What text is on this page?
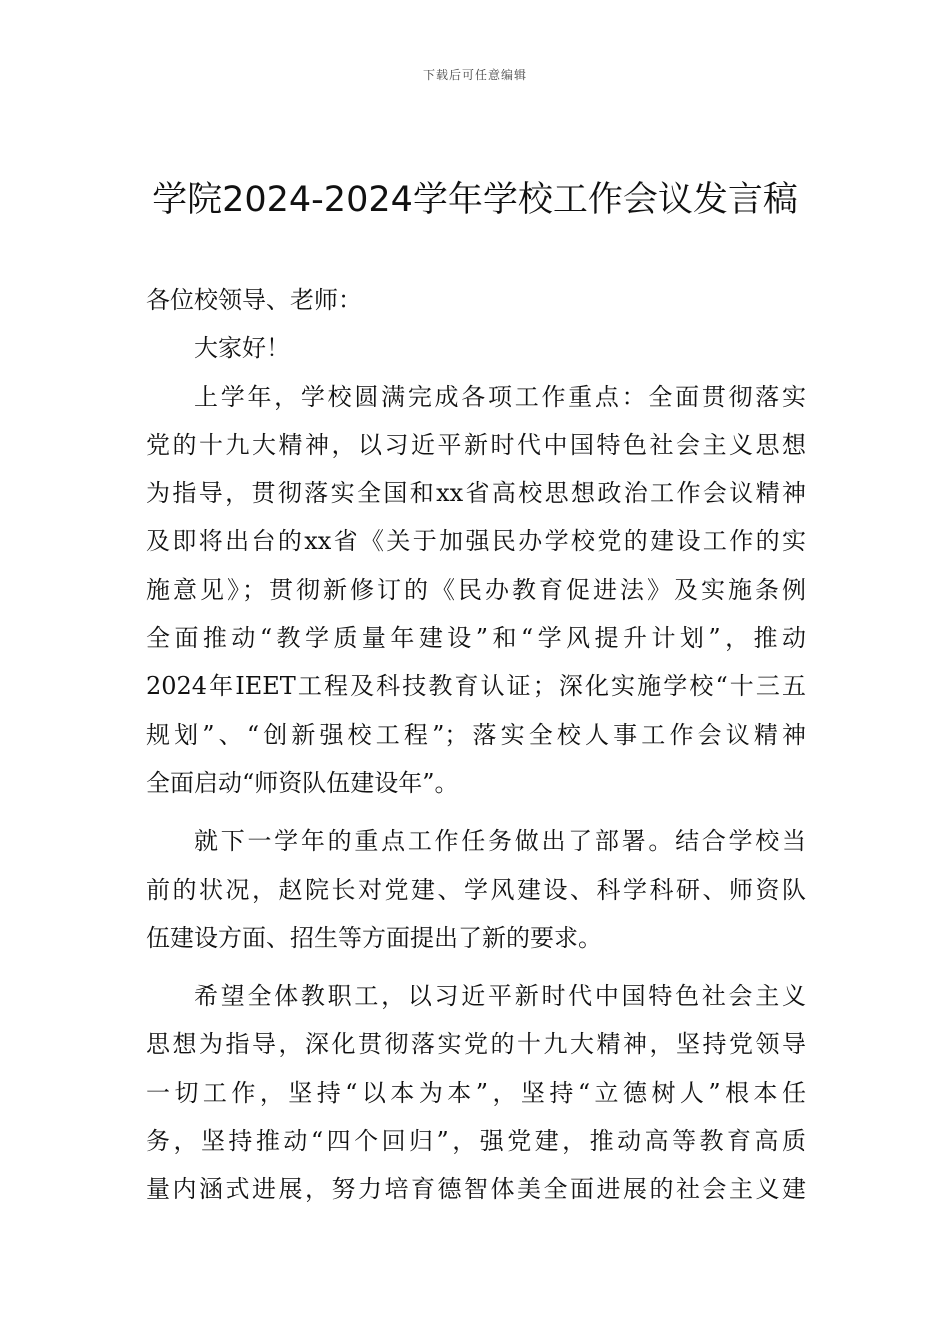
下载后可任意编辑
学院2024-2024学年学校工作会议发言稿
各位校领导、老师：
大家好！
上学年，学校圆满完成各项工作重点：全面贯彻落实
党的十九大精神，以习近平新时代中国特色社会主义思想
为指导，贯彻落实全国和xx省高校思想政治工作会议精神
及即将出台的xx省《关于加强民办学校党的建设工作的实
施意见》；贯彻新修订的《民办教育促进法》及实施条例
全面推动“教学质量年建设”和“学风提升计划”，推动
2024年IEET工程及科技教育认证；深化实施学校“十三五
规划”、“创新强校工程”；落实全校人事工作会议精神
全面启动“师资队伍建设年”。
就下一学年的重点工作任务做出了部署。结合学校当
前的状况，赵院长对党建、学风建设、科学科研、师资队
伍建设方面、招生等方面提出了新的要求。
希望全体教职工，以习近平新时代中国特色社会主义
思想为指导，深化贯彻落实党的十九大精神，坚持党领导
一切工作，坚持“以本为本”，坚持“立德树人”根本任
务，坚持推动“四个回归”，强党建，推动高等教育高质
量内涵式进展，努力培育德智体美全面进展的社会主义建
